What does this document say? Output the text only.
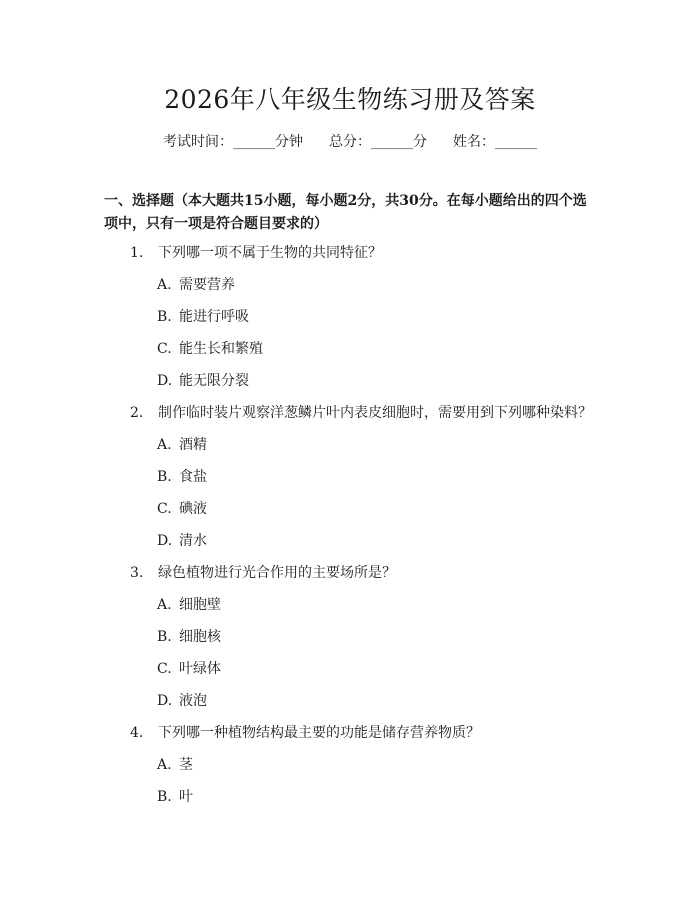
2026年八年级生物练习册及答案
考试时间：______分钟 总分：______分 姓名：______
一、选择题（本大题共15小题，每小题2分，共30分。在每小题给出的四个选
项中，只有一项是符合题目要求的）
1. 下列哪一项不属于生物的共同特征？
A. 需要营养
B. 能进行呼吸
C. 能生长和繁殖
D. 能无限分裂
2. 制作临时装片观察洋葱鳞片叶内表皮细胞时，需要用到下列哪种染料？
A. 酒精
B. 食盐
C. 碘液
D. 清水
3. 绿色植物进行光合作用的主要场所是？
A. 细胞壁
B. 细胞核
C. 叶绿体
D. 液泡
4. 下列哪一种植物结构最主要的功能是储存营养物质？
A. 茎
B. 叶
